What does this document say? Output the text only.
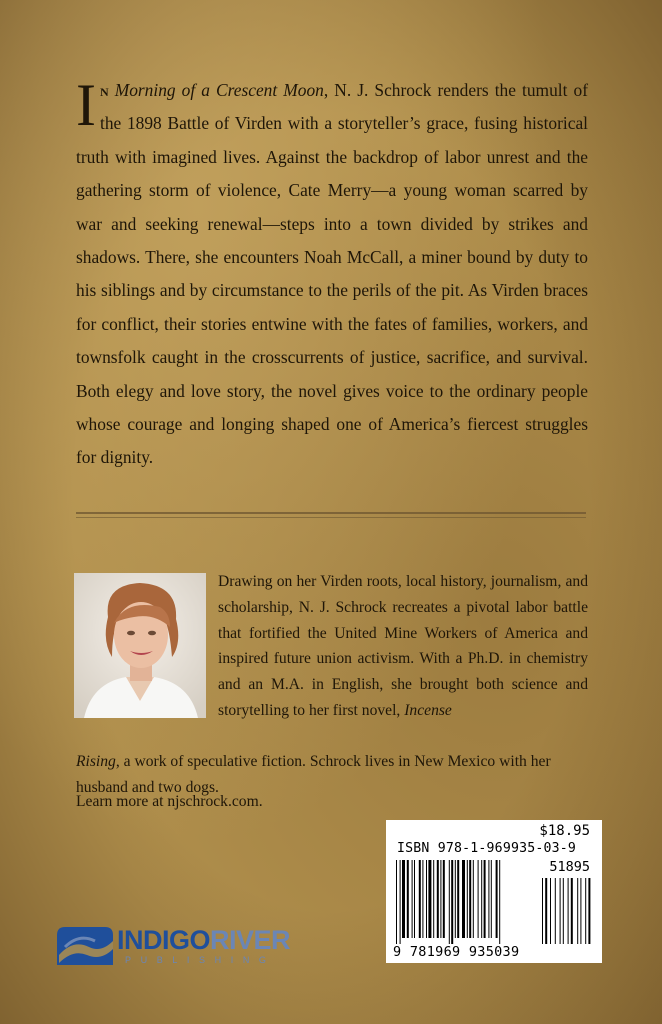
In Morning of a Crescent Moon, N. J. Schrock renders the tumult of the 1898 Battle of Virden with a storyteller’s grace, fusing historical truth with imagined lives. Against the backdrop of labor unrest and the gathering storm of violence, Cate Merry—a young woman scarred by war and seeking renewal—steps into a town divided by strikes and shadows. There, she encounters Noah McCall, a miner bound by duty to his siblings and by circumstance to the perils of the pit. As Virden braces for conflict, their stories entwine with the fates of families, workers, and townsfolk caught in the crosscurrents of justice, sacrifice, and survival. Both elegy and love story, the novel gives voice to the ordinary people whose courage and longing shaped one of America’s fiercest struggles for dignity.

Drawing on her Virden roots, local history, journalism, and scholarship, N. J. Schrock recreates a pivotal labor battle that fortified the United Mine Workers of America and inspired future union activism. With a Ph.D. in chemistry and an M.A. in English, she brought both science and storytelling to her first novel, Incense

Rising, a work of speculative fiction. Schrock lives in New Mexico with her husband and two dogs.

Learn more at njschrock.com.

$18.95
ISBN 978-1-969935-03-9
51895
9 781969 935039
INDIGORIVER
PUBLISHING
